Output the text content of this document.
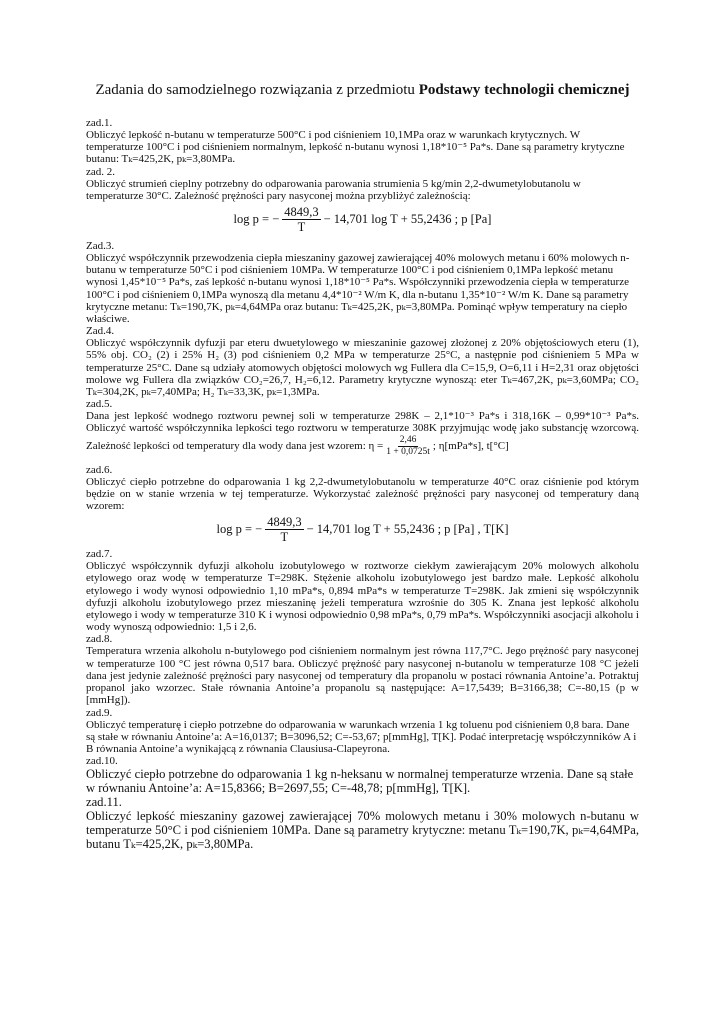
Zadania do samodzielnego rozwiązania z przedmiotu Podstawy technologii chemicznej
zad.1.
Obliczyć lepkość n-butanu w temperaturze 500°C i pod ciśnieniem 10,1MPa oraz w warunkach krytycznych. W temperaturze 100°C i pod ciśnieniem normalnym, lepkość n-butanu wynosi 1,18*10⁻⁵ Pa*s. Dane są parametry krytyczne butanu: Tₖ=425,2K, pₖ=3,80MPa.
zad. 2.
Obliczyć strumień cieplny potrzebny do odparowania parowania strumienia 5 kg/min 2,2-dwumetylobutanolu w temperaturze 30°C. Zależność prężności pary nasyconej można przybliżyć zależnością:
log p = − $\frac{4849,3}{T} - 14,701$ log T + 55,2436 ; p [Pa]
Zad.3.
Obliczyć współczynnik przewodzenia ciepła mieszaniny gazowej zawierającej 40% molowych metanu i 60% molowych n-butanu w temperaturze 50°C i pod ciśnieniem 10MPa. W temperaturze 100°C i pod ciśnieniem 0,1MPa lepkość metanu wynosi 1,45*10⁻⁵ Pa*s, zaś lepkość n-butanu wynosi 1,18*10⁻⁵ Pa*s. Współczynniki przewodzenia ciepła w temperaturze 100°C i pod ciśnieniem 0,1MPa wynoszą dla metanu 4,4*10⁻² W/m K, dla n-butanu 1,35*10⁻² W/m K. Dane są parametry krytyczne metanu: Tₖ=190,7K, pₖ=4,64MPa oraz butanu: Tₖ=425,2K, pₖ=3,80MPa. Pominąć wpływ temperatury na ciepło właściwe.
Zad.4.
Obliczyć współczynnik dyfuzji par eteru dwuetylowego w mieszaninie gazowej złożonej z 20% objętościowych eteru (1), 55% obj. CO₂ (2) i 25% H₂ (3) pod ciśnieniem 0,2 MPa w temperaturze 25°C, a następnie pod ciśnieniem 5 MPa w temperaturze 25°C. Dane są udziały atomowych objętości molowych wg Fullera dla C=15,9, O=6,11 i H=2,31 oraz objętości molowe wg Fullera dla związków CO₂=26,7, H₂=6,12. Parametry krytyczne wynoszą: eter Tₖ=467,2K, pₖ=3,60MPa; CO₂ Tₖ=304,2K, pₖ=7,40MPa; H₂ Tₖ=33,3K, pₖ=1,3MPa.
zad.5.
Dana jest lepkość wodnego roztworu pewnej soli w temperaturze 298K – 2,1*10⁻³ Pa*s i 318,16K – 0,99*10⁻³ Pa*s. Obliczyć wartość współczynnika lepkości tego roztworu w temperaturze 308K przyjmując wodę jako substancję wzorcową. Zależność lepkości od temperatury dla wody dana jest wzorem: $\eta = \frac{2,46}{1 + 0,0725t}$ ; η[mPa*s], t[°C]
zad.6.
Obliczyć ciepło potrzebne do odparowania 1 kg 2,2-dwumetylobutanolu w temperaturze 40°C oraz ciśnienie pod którym będzie on w stanie wrzenia w tej temperaturze. Wykorzystać zależność prężności pary nasyconej od temperatury daną wzorem:
log p = − $\frac{4849,3}{T} - 14,701$ log T + 55,2436 ; p [Pa] , T[K]
zad.7.
Obliczyć współczynnik dyfuzji alkoholu izobutylowego w roztworze ciekłym zawierającym 20% molowych alkoholu etylowego oraz wodę w temperaturze T=298K. Stężenie alkoholu izobutylowego jest bardzo małe. Lepkość alkoholu etylowego i wody wynosi odpowiednio 1,10 mPa*s, 0,894 mPa*s w temperaturze T=298K. Jak zmieni się współczynnik dyfuzji alkoholu izobutylowego przez mieszaninę jeżeli temperatura wzrośnie do 305 K. Znana jest lepkość alkoholu etylowego i wody w temperaturze 310 K i wynosi odpowiednio 0,98 mPa*s, 0,79 mPa*s. Współczynniki asocjacji alkoholu i wody wynoszą odpowiednio: 1,5 i 2,6.
zad.8.
Temperatura wrzenia alkoholu n-butylowego pod ciśnieniem normalnym jest równa 117,7°C. Jego prężność pary nasyconej w temperaturze 100 °C jest równa 0,517 bara. Obliczyć prężność pary nasyconej n-butanolu w temperaturze 108 °C jeżeli dana jest jedynie zależność prężności pary nasyconej od temperatury dla propanolu w postaci równania Antoine’a. Potraktuj propanol jako wzorzec. Stałe równania Antoine’a propanolu są następujące: A=17,5439; B=3166,38; C=-80,15 (p w [mmHg]).
zad.9.
Obliczyć temperaturę i ciepło potrzebne do odparowania w warunkach wrzenia 1 kg toluenu pod ciśnieniem 0,8 bara. Dane są stałe w równaniu Antoine’a: A=16,0137; B=3096,52; C=-53,67; p[mmHg], T[K]. Podać interpretację współczynników A i B równania Antoine’a wynikającą z równania Clausiusa-Clapeyrona.
zad.10.
Obliczyć ciepło potrzebne do odparowania 1 kg n-heksanu w normalnej temperaturze wrzenia. Dane są stałe w równaniu Antoine’a: A=15,8366; B=2697,55; C=-48,78; p[mmHg], T[K].
zad.11.
Obliczyć lepkość mieszaniny gazowej zawierającej 70% molowych metanu i 30% molowych n-butanu w temperaturze 50°C i pod ciśnieniem 10MPa. Dane są parametry krytyczne: metanu Tₖ=190,7K, pₖ=4,64MPa, butanu Tₖ=425,2K, pₖ=3,80MPa.
